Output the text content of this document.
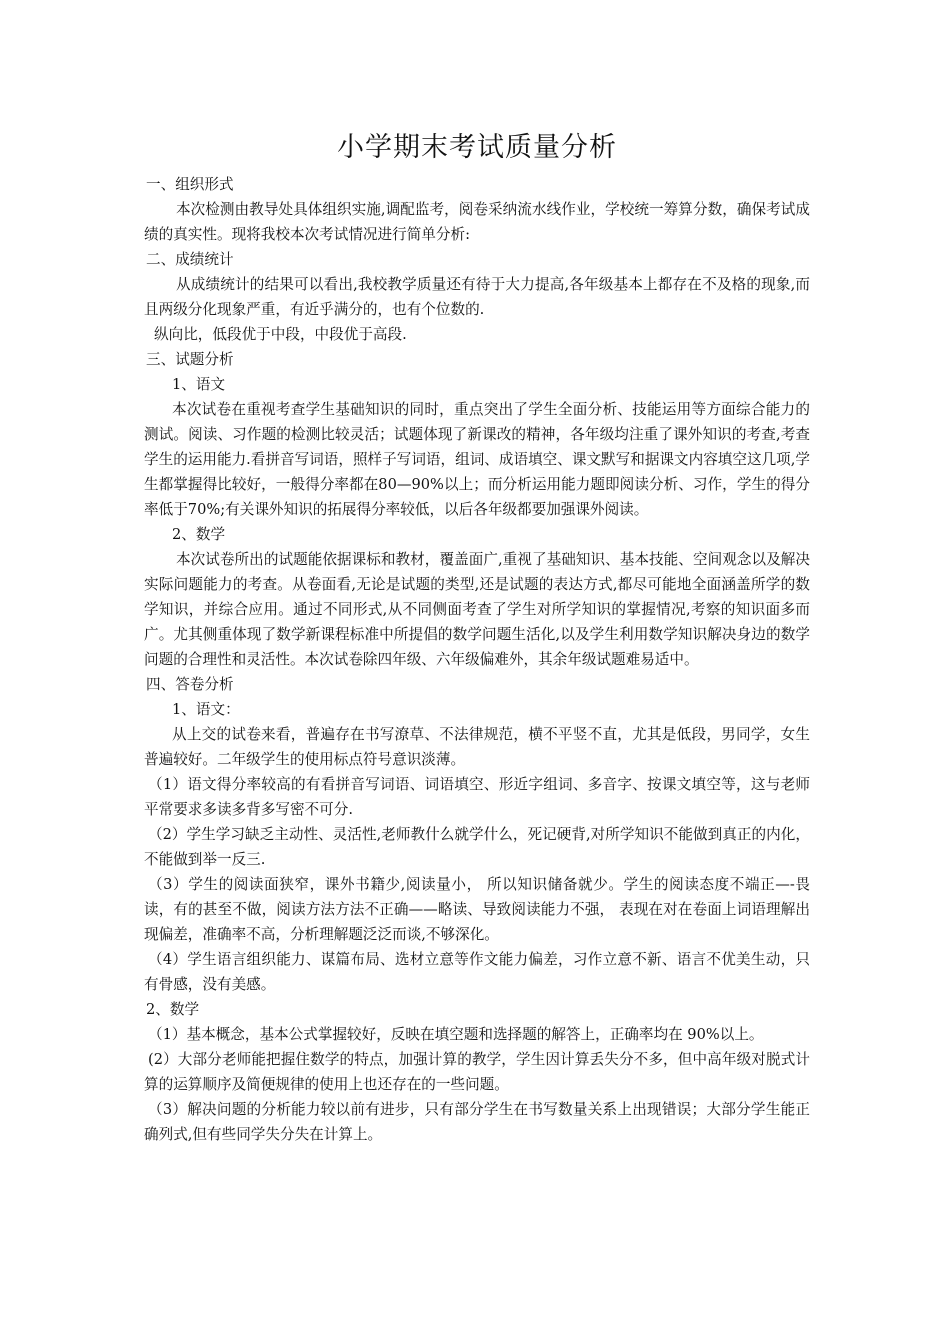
小学期末考试质量分析

一、组织形式

本次检测由教导处具体组织实施,调配监考，阅卷采纳流水线作业，学校统一筹算分数，确保考试成绩的真实性。现将我校本次考试情况进行简单分析:

二、成绩统计

从成绩统计的结果可以看出,我校教学质量还有待于大力提高,各年级基本上都存在不及格的现象,而且两级分化现象严重，有近乎满分的，也有个位数的.

纵向比，低段优于中段，中段优于高段.

三、试题分析

1、语文

本次试卷在重视考查学生基础知识的同时，重点突出了学生全面分析、技能运用等方面综合能力的测试。阅读、习作题的检测比较灵活；试题体现了新课改的精神，各年级均注重了课外知识的考查,考查学生的运用能力.看拼音写词语，照样子写词语，组词、成语填空、课文默写和据课文内容填空这几项,学生都掌握得比较好，一般得分率都在80—90%以上；而分析运用能力题即阅读分析、习作，学生的得分率低于70%;有关课外知识的拓展得分率较低，以后各年级都要加强课外阅读。

2、数学

本次试卷所出的试题能依据课标和教材，覆盖面广,重视了基础知识、基本技能、空间观念以及解决实际问题能力的考查。从卷面看,无论是试题的类型,还是试题的表达方式,都尽可能地全面涵盖所学的数学知识，并综合应用。通过不同形式,从不同侧面考查了学生对所学知识的掌握情况,考察的知识面多而广。尤其侧重体现了数学新课程标准中所提倡的数学问题生活化,以及学生利用数学知识解决身边的数学问题的合理性和灵活性。本次试卷除四年级、六年级偏难外，其余年级试题难易适中。

四、答卷分析

1、语文：

从上交的试卷来看，普遍存在书写潦草、不法律规范，横不平竖不直，尤其是低段，男同学，女生普遍较好。二年级学生的使用标点符号意识淡薄。

（1）语文得分率较高的有看拼音写词语、词语填空、形近字组词、多音字、按课文填空等，这与老师平常要求多读多背多写密不可分.

（2）学生学习缺乏主动性、灵活性,老师教什么就学什么，死记硬背,对所学知识不能做到真正的内化，不能做到举一反三.

（3）学生的阅读面狭窄，课外书籍少,阅读量小， 所以知识储备就少。学生的阅读态度不端正—-畏读，有的甚至不做，阅读方法方法不正确——略读、导致阅读能力不强， 表现在对在卷面上词语理解出现偏差，准确率不高，分析理解题泛泛而谈,不够深化。

（4）学生语言组织能力、谋篇布局、选材立意等作文能力偏差，习作立意不新、语言不优美生动，只有骨感，没有美感。

2、数学

（1）基本概念，基本公式掌握较好，反映在填空题和选择题的解答上，正确率均在 90%以上。

(2）大部分老师能把握住数学的特点，加强计算的教学，学生因计算丢失分不多，但中高年级对脱式计算的运算顺序及简便规律的使用上也还存在的一些问题。

（3）解决问题的分析能力较以前有进步，只有部分学生在书写数量关系上出现错误；大部分学生能正确列式,但有些同学失分失在计算上。
